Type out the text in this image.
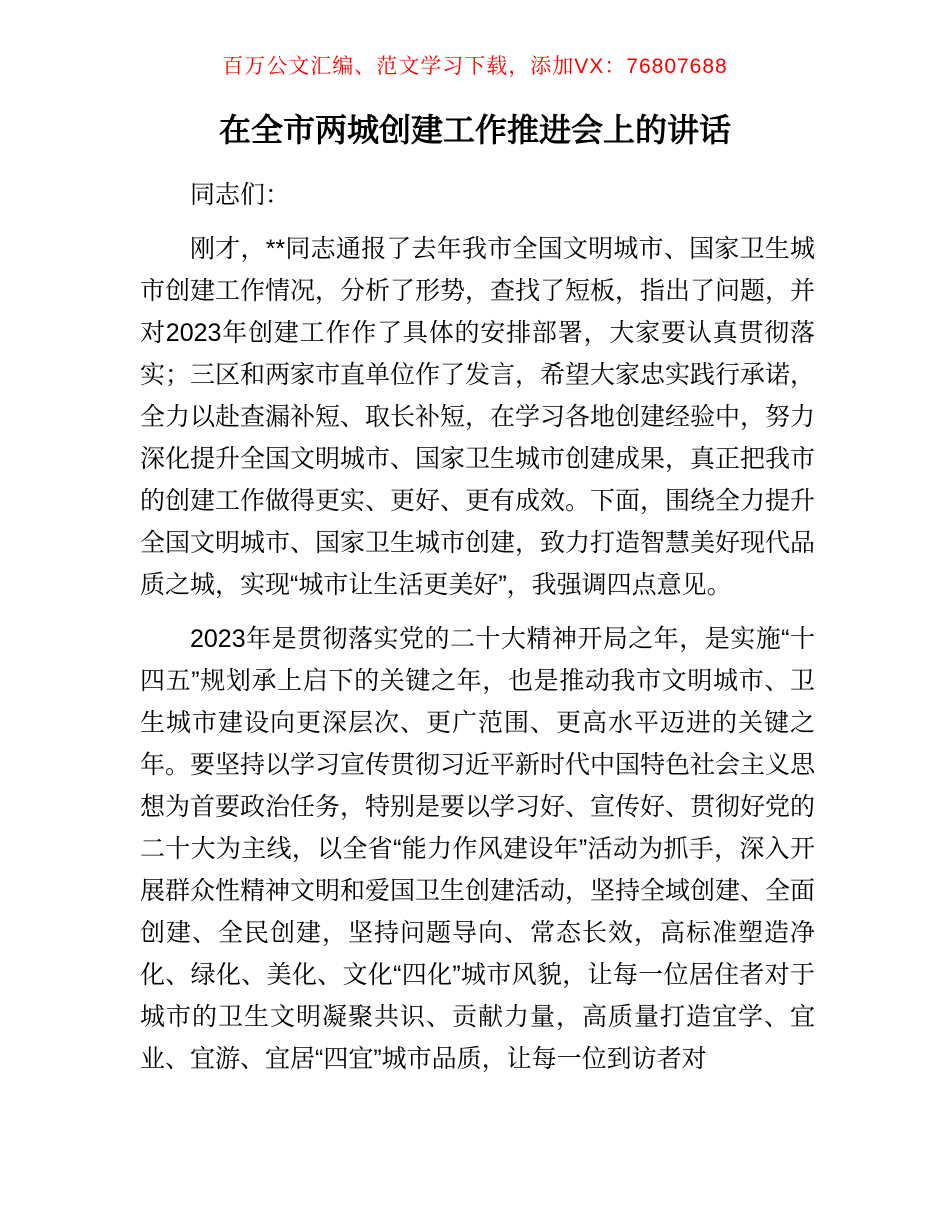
百万公文汇编、范文学习下载，添加VX：76807688
在全市两城创建工作推进会上的讲话

同志们：

刚才，**同志通报了去年我市全国文明城市、国家卫生城市创建工作情况，分析了形势，查找了短板，指出了问题，并对2023年创建工作作了具体的安排部署，大家要认真贯彻落实；三区和两家市直单位作了发言，希望大家忠实践行承诺，全力以赴查漏补短、取长补短，在学习各地创建经验中，努力深化提升全国文明城市、国家卫生城市创建成果，真正把我市的创建工作做得更实、更好、更有成效。下面，围绕全力提升全国文明城市、国家卫生城市创建，致力打造智慧美好现代品质之城，实现“城市让生活更美好”，我强调四点意见。

2023年是贯彻落实党的二十大精神开局之年，是实施“十四五”规划承上启下的关键之年，也是推动我市文明城市、卫生城市建设向更深层次、更广范围、更高水平迈进的关键之年。要坚持以学习宣传贯彻习近平新时代中国特色社会主义思想为首要政治任务，特别是要以学习好、宣传好、贯彻好党的二十大为主线，以全省“能力作风建设年”活动为抓手，深入开展群众性精神文明和爱国卫生创建活动，坚持全域创建、全面创建、全民创建，坚持问题导向、常态长效，高标准塑造净化、绿化、美化、文化“四化”城市风貌，让每一位居住者对于城市的卫生文明凝聚共识、贡献力量，高质量打造宜学、宜业、宜游、宜居“四宜”城市品质，让每一位到访者对
